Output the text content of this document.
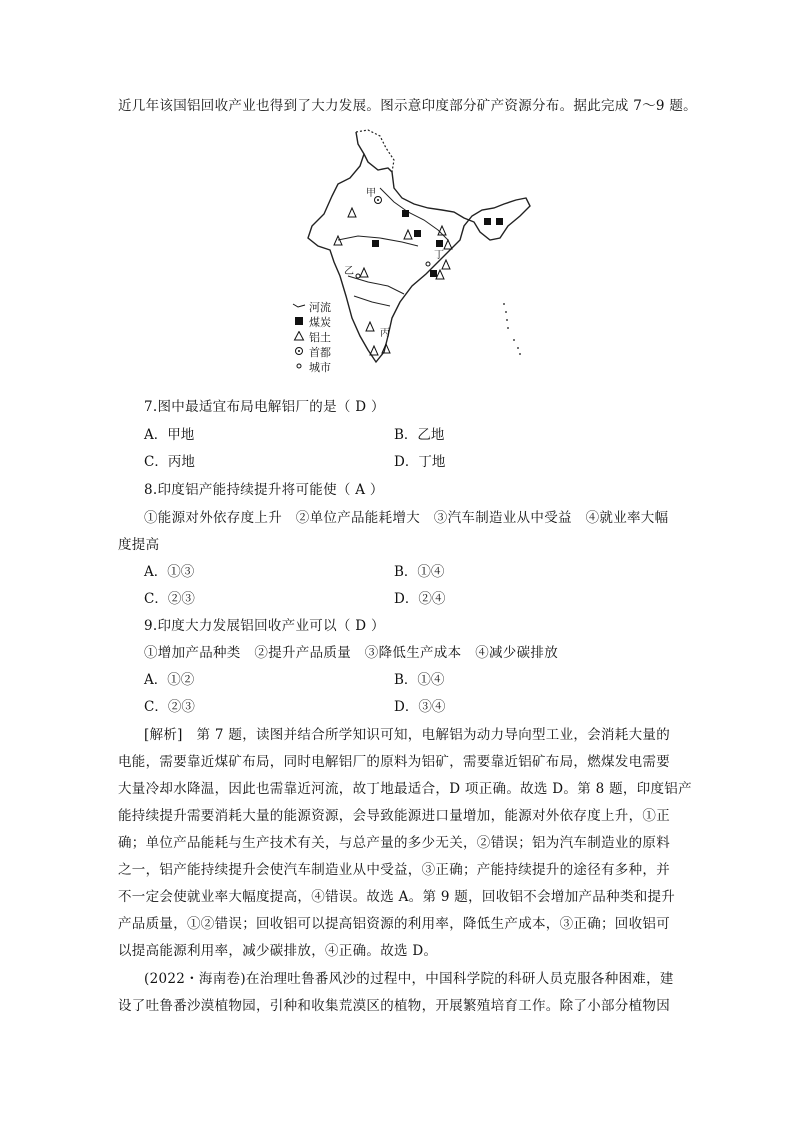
近几年该国铝回收产业也得到了大力发展。图示意印度部分矿产资源分布。据此完成 7～9 题。
甲
乙
丙
丁
河流
煤炭
铝土
首都
城市
7.图中最适宜布局电解铝厂的是（ D ）
A．甲地	B．乙地
C．丙地	D．丁地
8.印度铝产能持续提升将可能使（ A ）
①能源对外依存度上升　②单位产品能耗增大　③汽车制造业从中受益　④就业率大幅
度提高
A．①③	B．①④
C．②③	D．②④
9.印度大力发展铝回收产业可以（ D ）
①增加产品种类　②提升产品质量　③降低生产成本　④减少碳排放
A．①②	B．①④
C．②③	D．③④
[解析]　第 7 题，读图并结合所学知识可知，电解铝为动力导向型工业，会消耗大量的
电能，需要靠近煤矿布局，同时电解铝厂的原料为铝矿，需要靠近铝矿布局，燃煤发电需要
大量冷却水降温，因此也需靠近河流，故丁地最适合，D 项正确。故选 D。第 8 题，印度铝产
能持续提升需要消耗大量的能源资源，会导致能源进口量增加，能源对外依存度上升，①正
确；单位产品能耗与生产技术有关，与总产量的多少无关，②错误；铝为汽车制造业的原料
之一，铝产能持续提升会使汽车制造业从中受益，③正确；产能持续提升的途径有多种，并
不一定会使就业率大幅度提高，④错误。故选 A。第 9 题，回收铝不会增加产品种类和提升
产品质量，①②错误；回收铝可以提高铝资源的利用率，降低生产成本，③正确；回收铝可
以提高能源利用率，减少碳排放，④正确。故选 D。
(2022・海南卷)在治理吐鲁番风沙的过程中，中国科学院的科研人员克服各种困难，建
设了吐鲁番沙漠植物园，引种和收集荒漠区的植物，开展繁殖培育工作。除了小部分植物因
